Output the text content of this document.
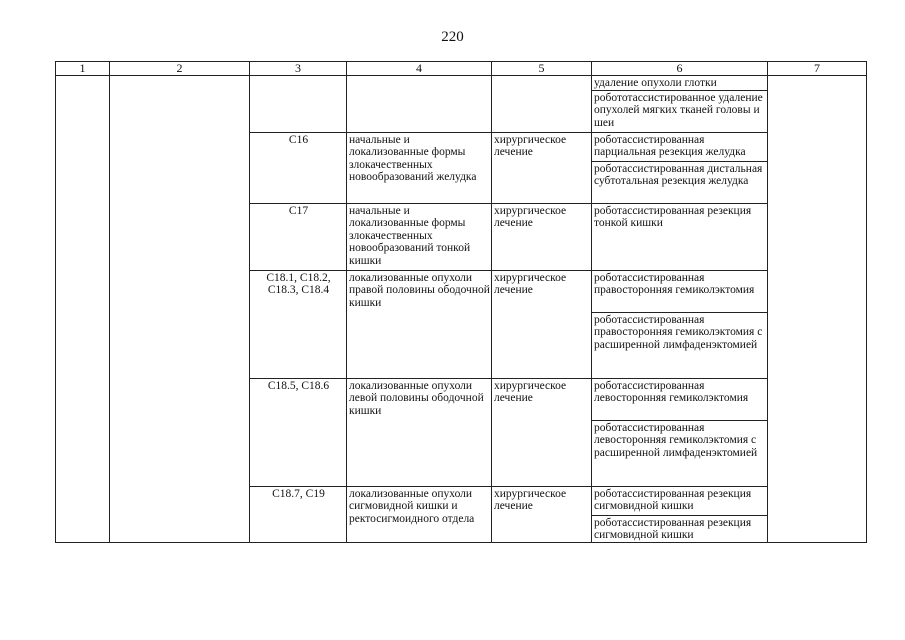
220
1	2	3	4	5	6	7
					удаление опухоли глотки	
					робототассистированное удаление опухолей мягких тканей головы и шеи	
		C16	начальные и локализованные формы злокачественных новообразований желудка	хирургическое лечение	роботассистированная парциальная резекция желудка	
					роботассистированная дистальная субтотальная резекция желудка	
		C17	начальные и локализованные формы злокачественных новообразований тонкой кишки	хирургическое лечение	роботассистированная резекция тонкой кишки	
		C18.1, C18.2, C18.3, C18.4	локализованные опухоли правой половины ободочной кишки	хирургическое лечение	роботассистированная правосторонняя гемиколэктомия	
					роботассистированная правосторонняя гемиколэктомия с расширенной лимфаденэктомией	
		C18.5, C18.6	локализованные опухоли левой половины ободочной кишки	хирургическое лечение	роботассистированная левосторонняя гемиколэктомия	
					роботассистированная левосторонняя гемиколэктомия с расширенной лимфаденэктомией	
		C18.7, C19	локализованные опухоли сигмовидной кишки и ректосигмоидного отдела	хирургическое лечение	роботассистированная резекция сигмовидной кишки	
					роботассистированная резекция сигмовидной кишки	
